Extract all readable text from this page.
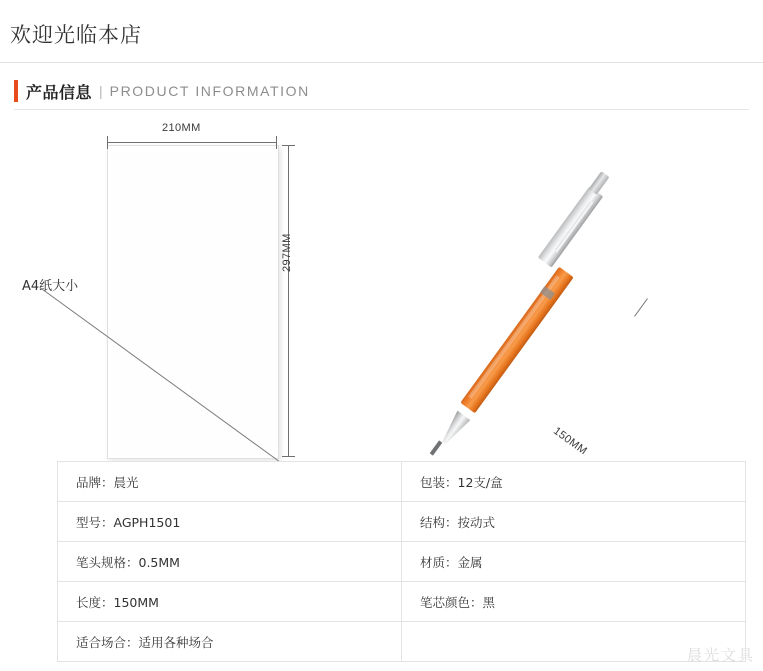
欢迎光临本店
产品信息 | PRODUCT INFORMATION
A4纸大小
210MM
297MM
150MM
品牌：晨光	包装：12支/盒
型号：AGPH1501	结构：按动式
笔头规格：0.5MM	材质：金属
长度：150MM	笔芯颜色：黑
适合场合：适用各种场合	
晨光文具
